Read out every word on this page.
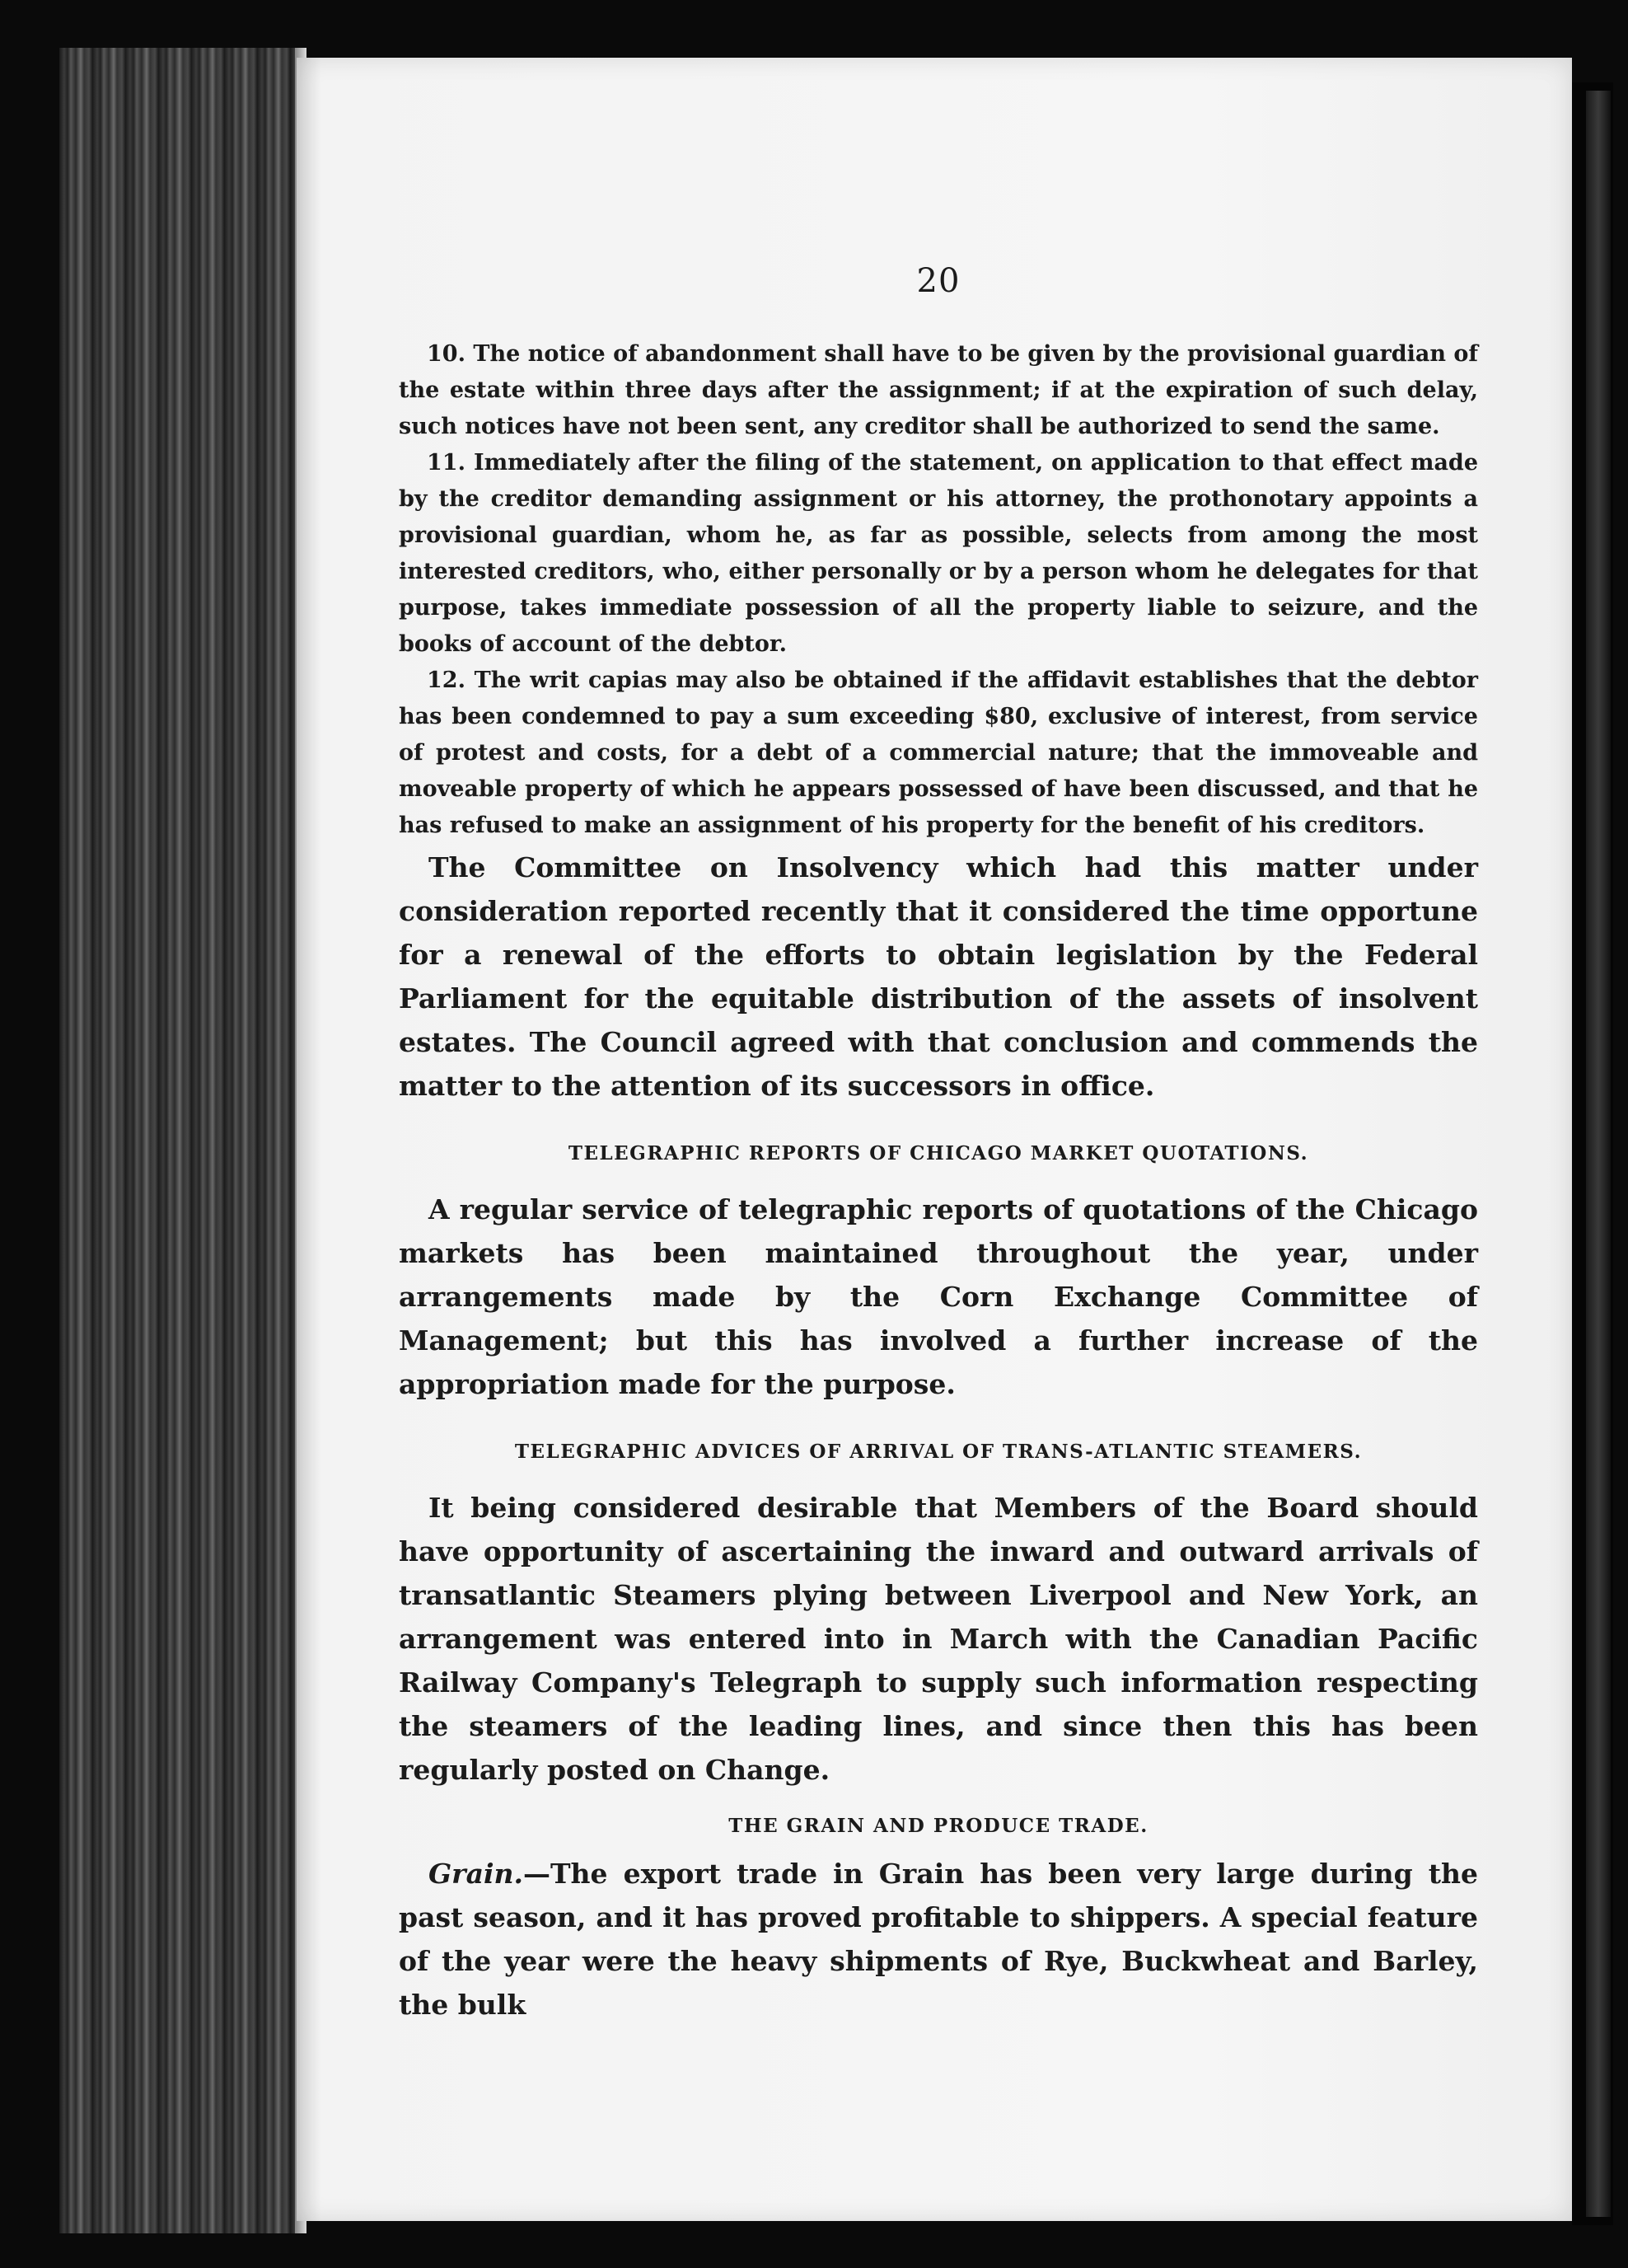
20

10. The notice of abandonment shall have to be given by the provisional guardian of the estate within three days after the assignment; if at the expiration of such delay, such notices have not been sent, any creditor shall be authorized to send the same.

11. Immediately after the filing of the statement, on application to that effect made by the creditor demanding assignment or his attorney, the prothonotary appoints a provisional guardian, whom he, as far as possible, selects from among the most interested creditors, who, either personally or by a person whom he delegates for that purpose, takes immediate possession of all the property liable to seizure, and the books of account of the debtor.

12. The writ capias may also be obtained if the affidavit establishes that the debtor has been condemned to pay a sum exceeding $80, exclusive of interest, from service of protest and costs, for a debt of a commercial nature; that the immoveable and moveable property of which he appears possessed of have been discussed, and that he has refused to make an assignment of his property for the benefit of his creditors.

The Committee on Insolvency which had this matter under consideration reported recently that it considered the time opportune for a renewal of the efforts to obtain legislation by the Federal Parliament for the equitable distribution of the assets of insolvent estates. The Council agreed with that conclusion and commends the matter to the attention of its successors in office.

TELEGRAPHIC REPORTS OF CHICAGO MARKET QUOTATIONS.

A regular service of telegraphic reports of quotations of the Chicago markets has been maintained throughout the year, under arrangements made by the Corn Exchange Committee of Management; but this has involved a further increase of the appropriation made for the purpose.

TELEGRAPHIC ADVICES OF ARRIVAL OF TRANS-ATLANTIC STEAMERS.

It being considered desirable that Members of the Board should have opportunity of ascertaining the inward and outward arrivals of transatlantic Steamers plying between Liverpool and New York, an arrangement was entered into in March with the Canadian Pacific Railway Company's Telegraph to supply such information respecting the steamers of the leading lines, and since then this has been regularly posted on Change.

THE GRAIN AND PRODUCE TRADE.

Grain.—The export trade in Grain has been very large during the past season, and it has proved profitable to shippers. A special feature of the year were the heavy shipments of Rye, Buckwheat and Barley, the bulk
